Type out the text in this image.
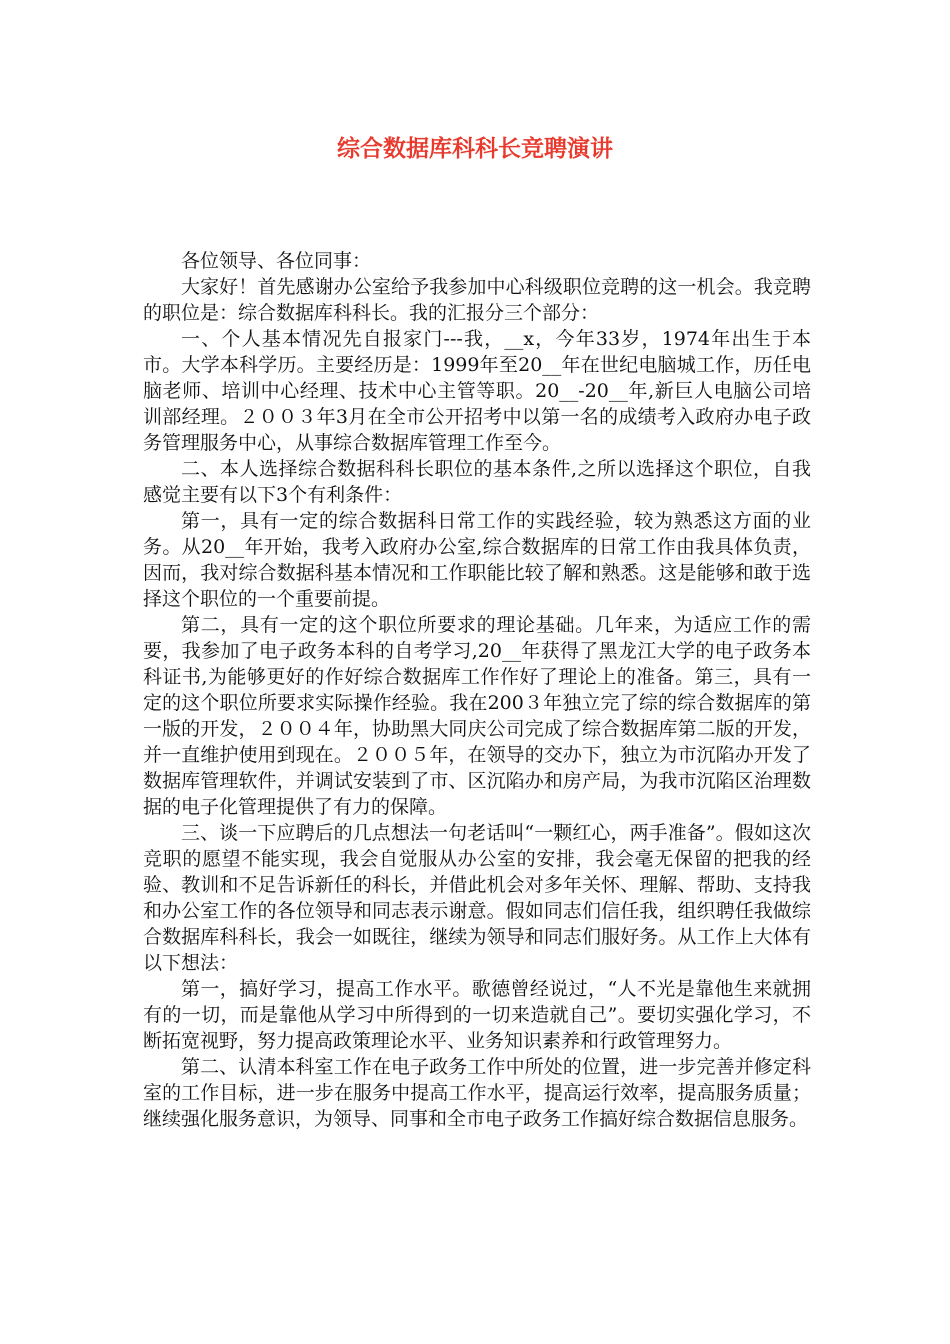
综合数据库科科长竞聘演讲

各位领导、各位同事：

大家好！首先感谢办公室给予我参加中心科级职位竞聘的这一机会。我竞聘的职位是：综合数据库科科长。我的汇报分三个部分：

一、个人基本情况先自报家门---我，__x，今年33岁，1974年出生于本市。大学本科学历。主要经历是：1999年至20__年在世纪电脑城工作，历任电脑老师、培训中心经理、技术中心主管等职。20__-20__年,新巨人电脑公司培训部经理。２００３年3月在全市公开招考中以第一名的成绩考入政府办电子政务管理服务中心，从事综合数据库管理工作至今。

二、本人选择综合数据科科长职位的基本条件,之所以选择这个职位，自我感觉主要有以下3个有利条件：

第一，具有一定的综合数据科日常工作的实践经验，较为熟悉这方面的业务。从20__年开始，我考入政府办公室,综合数据库的日常工作由我具体负责，因而，我对综合数据科基本情况和工作职能比较了解和熟悉。这是能够和敢于选择这个职位的一个重要前提。

第二，具有一定的这个职位所要求的理论基础。几年来，为适应工作的需要，我参加了电子政务本科的自考学习,20__年获得了黑龙江大学的电子政务本科证书,为能够更好的作好综合数据库工作作好了理论上的准备。第三，具有一定的这个职位所要求实际操作经验。我在200３年独立完了综的综合数据库的第一版的开发，２００４年，协助黑大同庆公司完成了综合数据库第二版的开发，并一直维护使用到现在。２００５年，在领导的交办下，独立为市沉陷办开发了数据库管理软件，并调试安装到了市、区沉陷办和房产局，为我市沉陷区治理数据的电子化管理提供了有力的保障。

三、谈一下应聘后的几点想法一句老话叫“一颗红心，两手准备”。假如这次竞职的愿望不能实现，我会自觉服从办公室的安排，我会毫无保留的把我的经验、教训和不足告诉新任的科长，并借此机会对多年关怀、理解、帮助、支持我和办公室工作的各位领导和同志表示谢意。假如同志们信任我，组织聘任我做综合数据库科科长，我会一如既往，继续为领导和同志们服好务。从工作上大体有以下想法：

第一，搞好学习，提高工作水平。歌德曾经说过，“人不光是靠他生来就拥有的一切，而是靠他从学习中所得到的一切来造就自己”。要切实强化学习，不断拓宽视野，努力提高政策理论水平、业务知识素养和行政管理努力。

第二、认清本科室工作在电子政务工作中所处的位置，进一步完善并修定科室的工作目标，进一步在服务中提高工作水平，提高运行效率，提高服务质量；继续强化服务意识，为领导、同事和全市电子政务工作搞好综合数据信息服务。
